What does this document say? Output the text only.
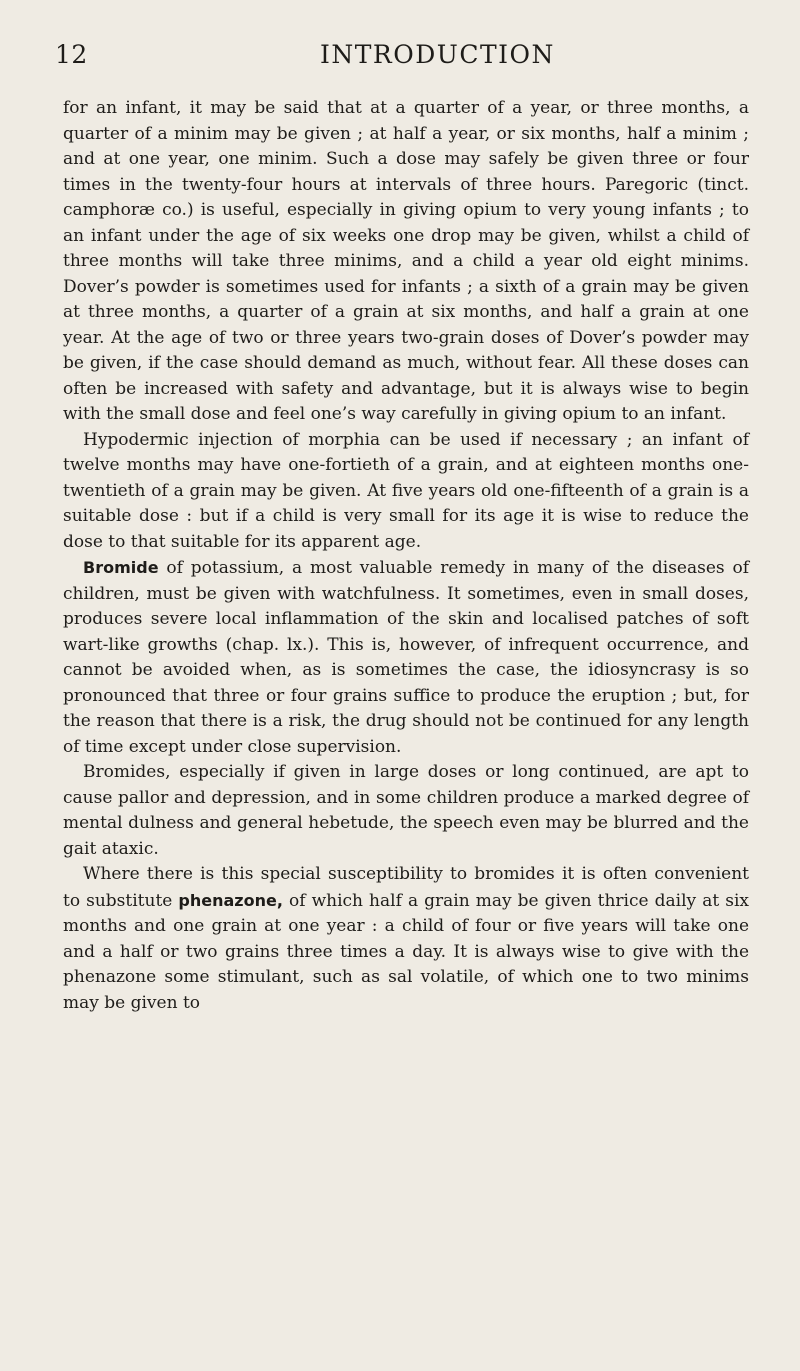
12	INTRODUCTION

for an infant, it may be said that at a quarter of a year, or three months, a quarter of a minim may be given ; at half a year, or six months, half a minim ; and at one year, one minim. Such a dose may safely be given three or four times in the twenty-four hours at intervals of three hours. Paregoric (tinct. camphoræ co.) is useful, especially in giving opium to very young infants ; to an infant under the age of six weeks one drop may be given, whilst a child of three months will take three minims, and a child a year old eight minims. Dover’s powder is sometimes used for infants ; a sixth of a grain may be given at three months, a quarter of a grain at six months, and half a grain at one year. At the age of two or three years two-grain doses of Dover’s powder may be given, if the case should demand as much, without fear. All these doses can often be increased with safety and advantage, but it is always wise to begin with the small dose and feel one’s way carefully in giving opium to an infant.

Hypodermic injection of morphia can be used if necessary ; an infant of twelve months may have one-fortieth of a grain, and at eighteen months one-twentieth of a grain may be given. At five years old one-fifteenth of a grain is a suitable dose : but if a child is very small for its age it is wise to reduce the dose to that suitable for its apparent age.

Bromide of potassium, a most valuable remedy in many of the diseases of children, must be given with watchfulness. It sometimes, even in small doses, produces severe local inflammation of the skin and localised patches of soft wart-like growths (chap. lx.). This is, however, of infrequent occurrence, and cannot be avoided when, as is sometimes the case, the idiosyncrasy is so pronounced that three or four grains suffice to produce the eruption ; but, for the reason that there is a risk, the drug should not be continued for any length of time except under close supervision.

Bromides, especially if given in large doses or long continued, are apt to cause pallor and depression, and in some children produce a marked degree of mental dulness and general hebetude, the speech even may be blurred and the gait ataxic.

Where there is this special susceptibility to bromides it is often convenient to substitute phenazone, of which half a grain may be given thrice daily at six months and one grain at one year : a child of four or five years will take one and a half or two grains three times a day. It is always wise to give with the phenazone some stimulant, such as sal volatile, of which one to two minims may be given to
